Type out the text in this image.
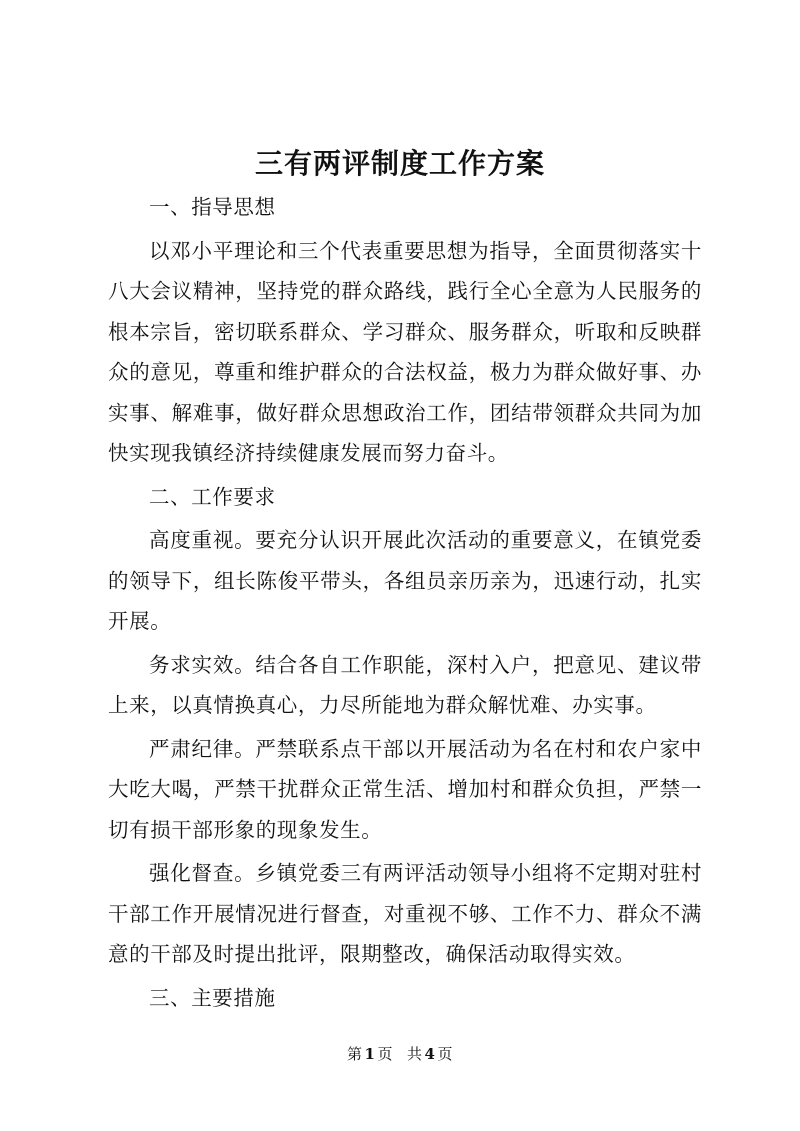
三有两评制度工作方案

一、指导思想

以邓小平理论和三个代表重要思想为指导，全面贯彻落实十八大会议精神，坚持党的群众路线，践行全心全意为人民服务的根本宗旨，密切联系群众、学习群众、服务群众，听取和反映群众的意见，尊重和维护群众的合法权益，极力为群众做好事、办实事、解难事，做好群众思想政治工作，团结带领群众共同为加快实现我镇经济持续健康发展而努力奋斗。

二、工作要求

高度重视。要充分认识开展此次活动的重要意义，在镇党委的领导下，组长陈俊平带头，各组员亲历亲为，迅速行动，扎实开展。

务求实效。结合各自工作职能，深村入户，把意见、建议带上来，以真情换真心，力尽所能地为群众解忧难、办实事。

严肃纪律。严禁联系点干部以开展活动为名在村和农户家中大吃大喝，严禁干扰群众正常生活、增加村和群众负担，严禁一切有损干部形象的现象发生。

强化督查。乡镇党委三有两评活动领导小组将不定期对驻村干部工作开展情况进行督查，对重视不够、工作不力、群众不满意的干部及时提出批评，限期整改，确保活动取得实效。

三、主要措施

第 1 页 共 4 页
